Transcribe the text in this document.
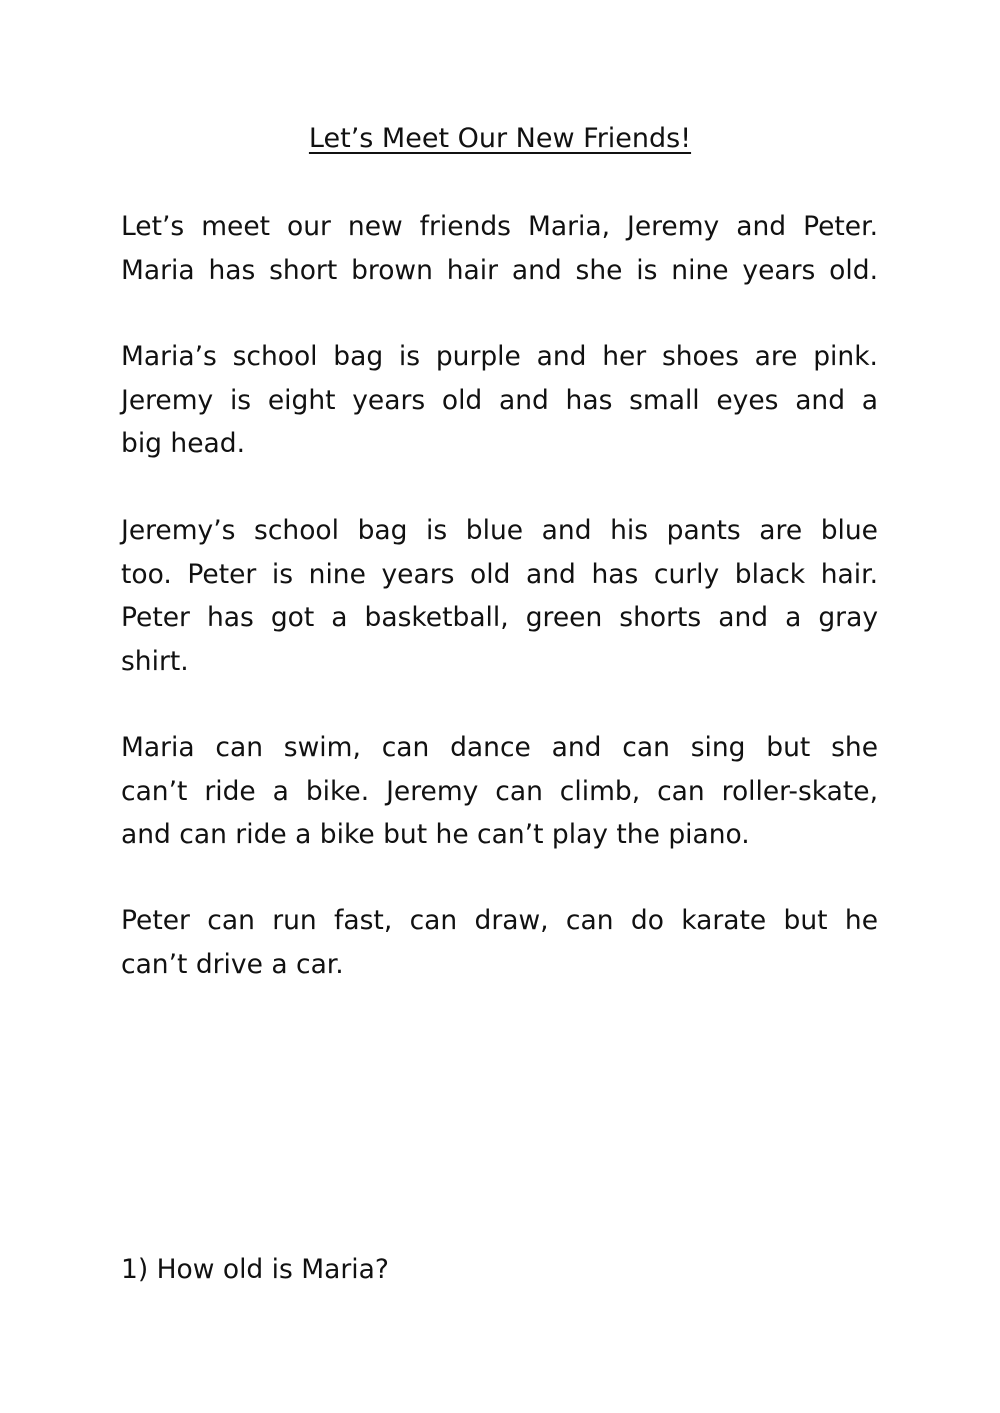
Let’s Meet Our New Friends!
Let’s meet our new friends Maria, Jeremy and Peter.
Maria has short brown hair and she is nine years old.
Maria’s school bag is purple and her shoes are pink.
Jeremy is eight years old and has small eyes and a
big head.
Jeremy’s school bag is blue and his pants are blue
too. Peter is nine years old and has curly black hair.
Peter has got a basketball, green shorts and a gray
shirt.
Maria can swim, can dance and can sing but she
can’t ride a bike. Jeremy can climb, can roller-skate,
and can ride a bike but he can’t play the piano.
Peter can run fast, can draw, can do karate but he
can’t drive a car.
1) How old is Maria?
